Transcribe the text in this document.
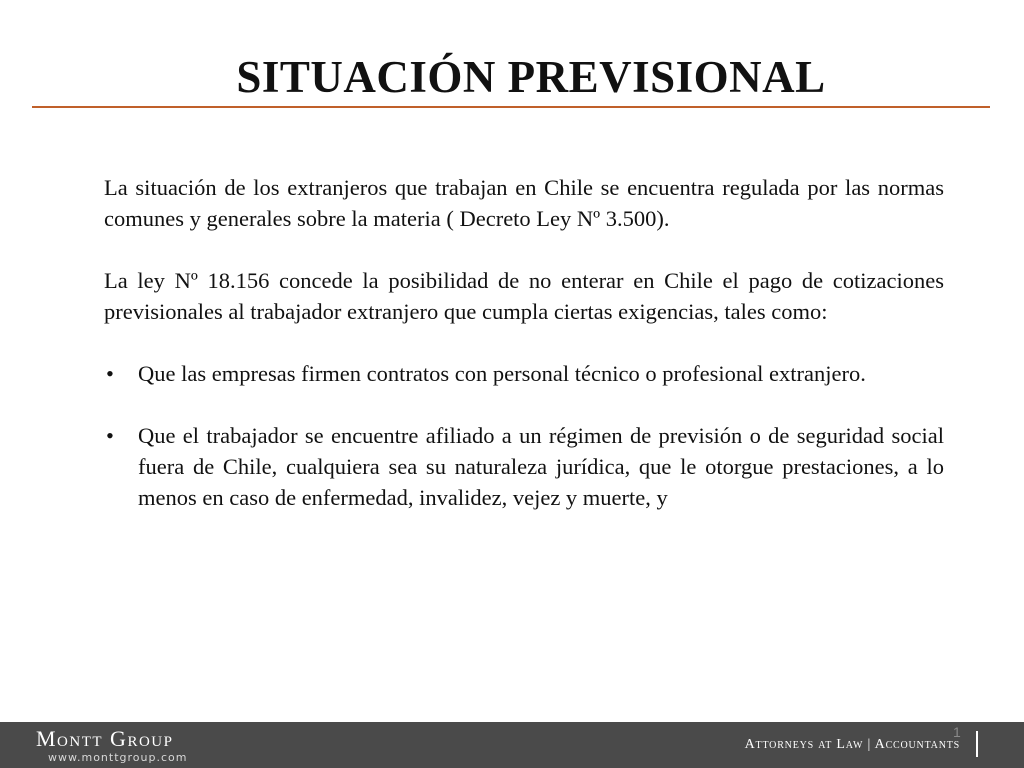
SITUACIÓN PREVISIONAL

La situación de los extranjeros que trabajan en Chile se encuentra regulada por las normas comunes y generales sobre la materia ( Decreto Ley Nº 3.500).

La ley Nº 18.156 concede la posibilidad de no enterar en Chile el pago de cotizaciones previsionales al trabajador extranjero que cumpla ciertas exigencias, tales como:

• Que las empresas firmen contratos con personal técnico o profesional extranjero.
• Que el trabajador se encuentre afiliado a un régimen de previsión o de seguridad social fuera de Chile, cualquiera sea su naturaleza jurídica, que le otorgue prestaciones, a lo menos en caso de enfermedad, invalidez, vejez y muerte, y
Montt Group
www.monttgroup.com
1
Attorneys at Law | Accountants
